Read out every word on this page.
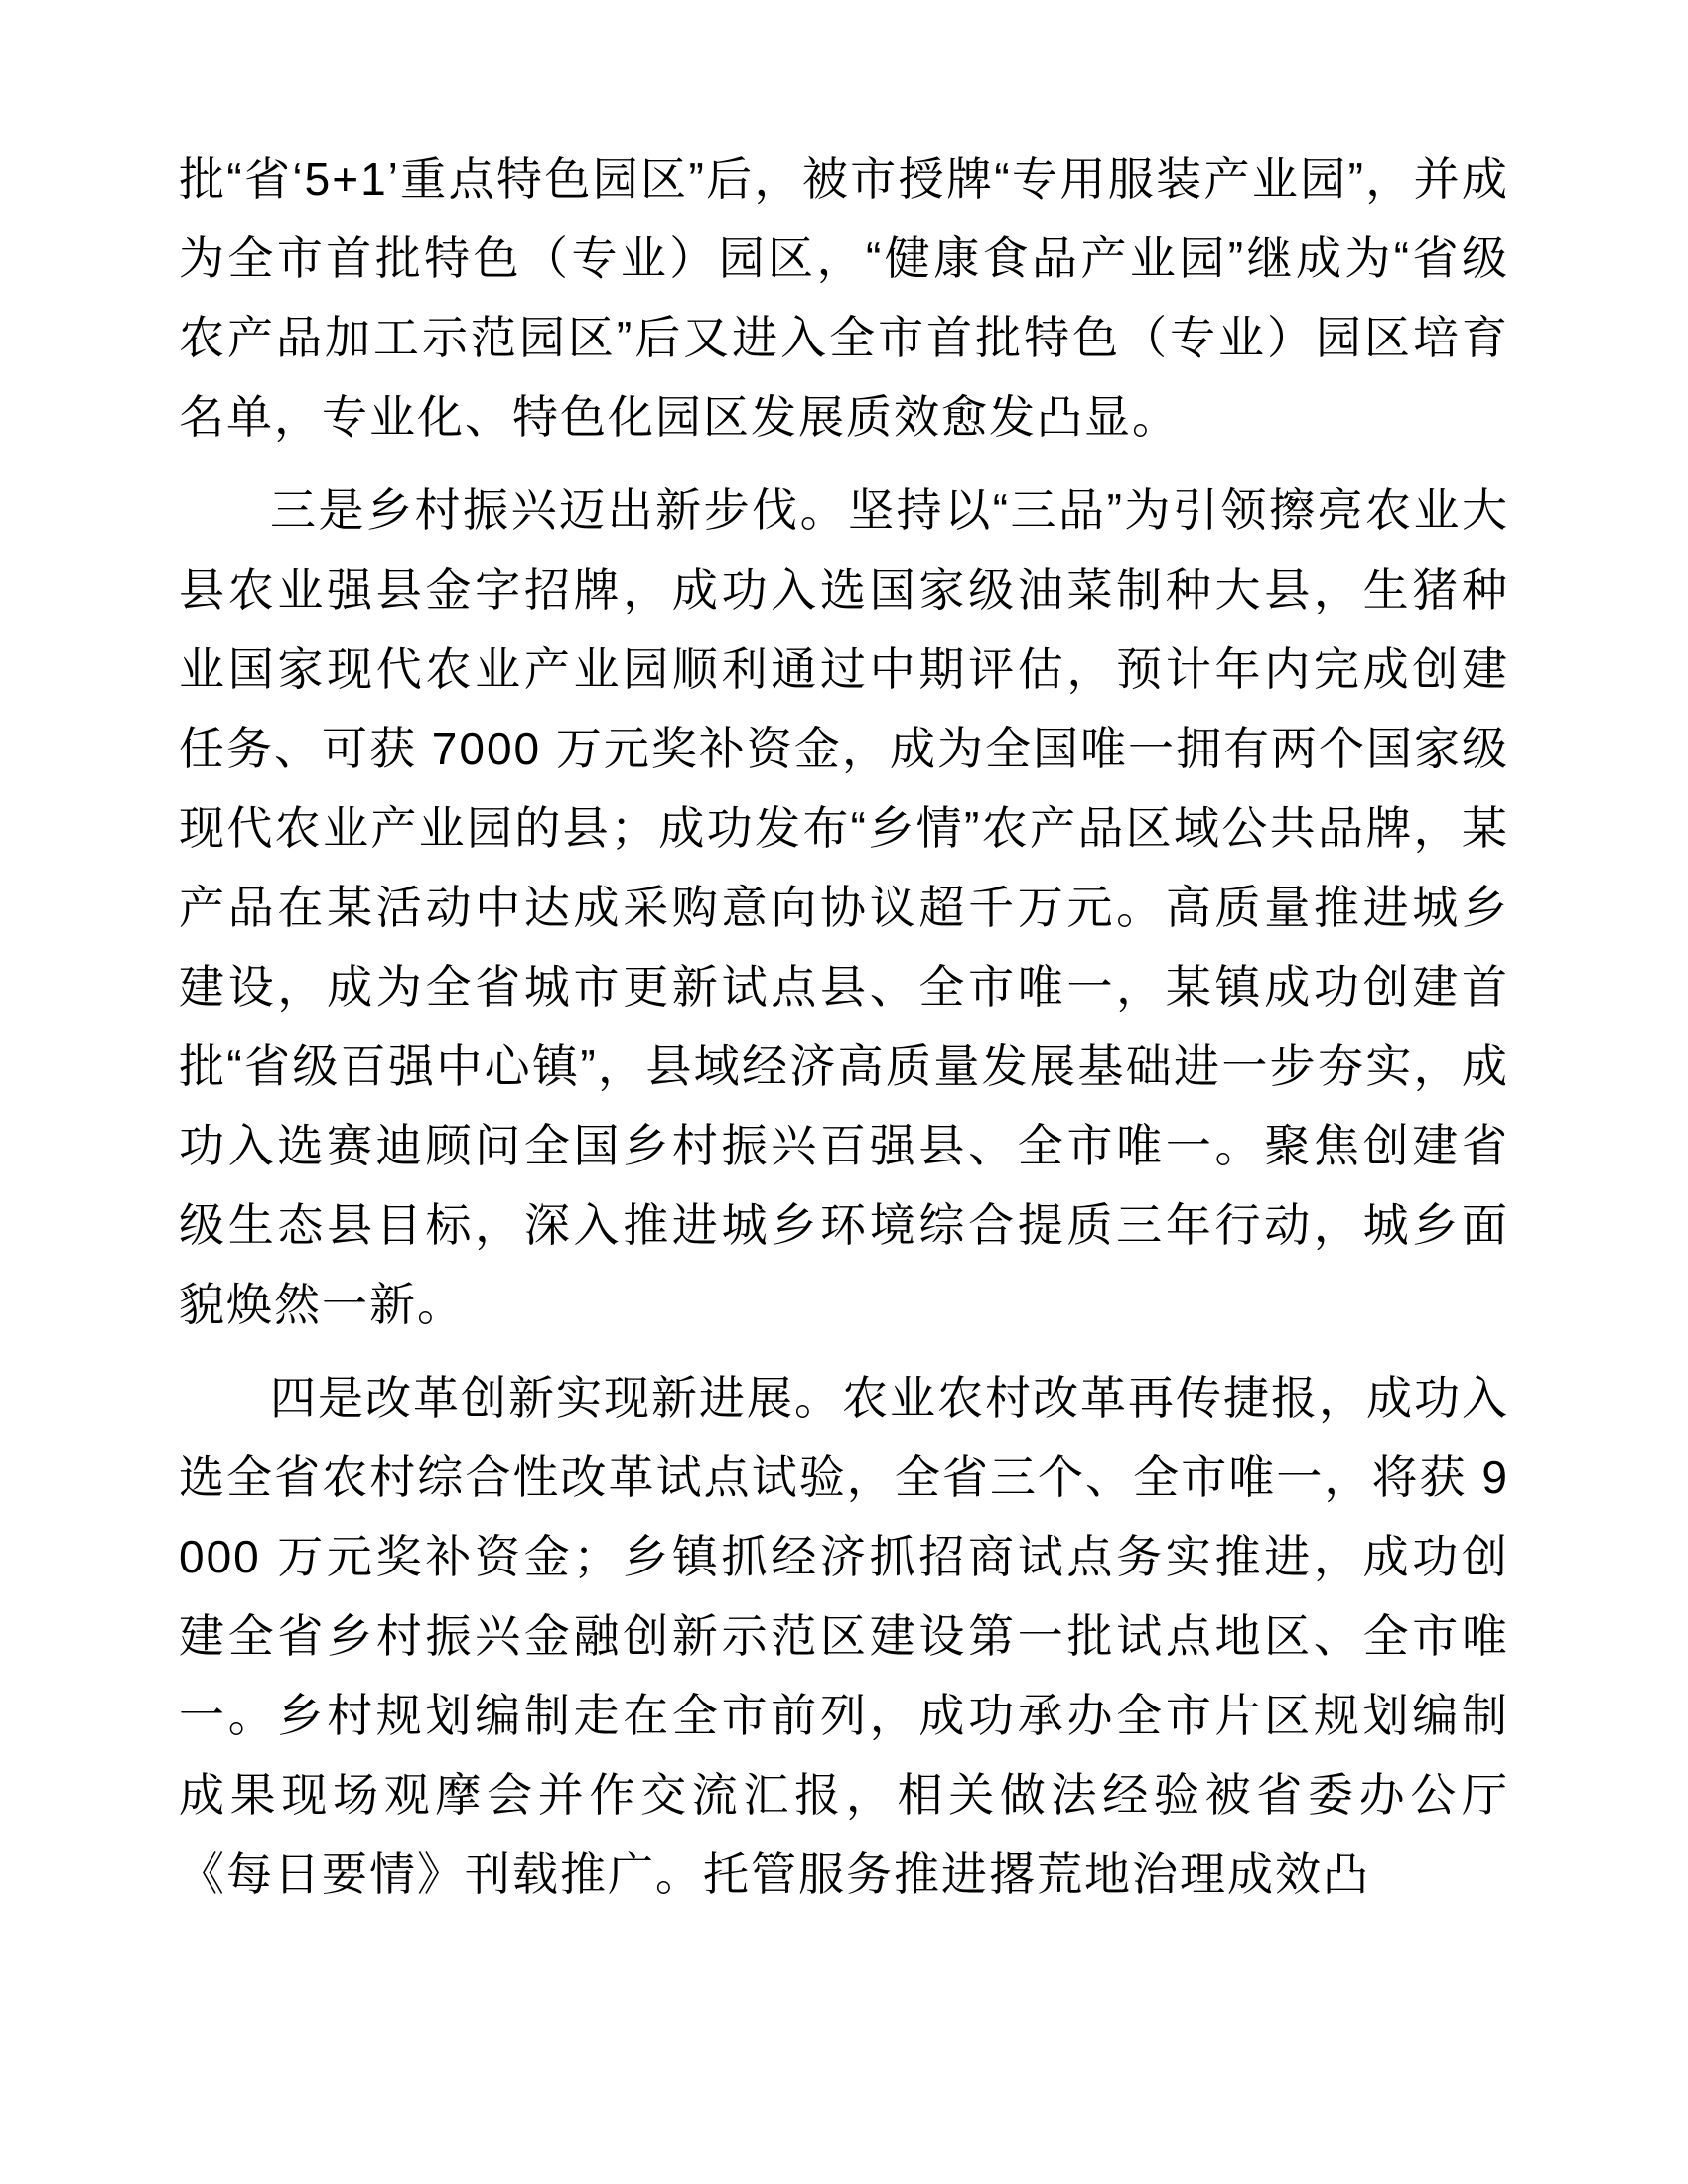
批“省‘5+1’重点特色园区”后，被市授牌“专用服装产业园”，并成为全市首批特色（专业）园区，“健康食品产业园”继成为“省级农产品加工示范园区”后又进入全市首批特色（专业）园区培育名单，专业化、特色化园区发展质效愈发凸显。

三是乡村振兴迈出新步伐。坚持以“三品”为引领擦亮农业大县农业强县金字招牌，成功入选国家级油菜制种大县，生猪种业国家现代农业产业园顺利通过中期评估，预计年内完成创建任务、可获 7000 万元奖补资金，成为全国唯一拥有两个国家级现代农业产业园的县；成功发布“乡情”农产品区域公共品牌，某产品在某活动中达成采购意向协议超千万元。高质量推进城乡建设，成为全省城市更新试点县、全市唯一，某镇成功创建首批“省级百强中心镇”，县域经济高质量发展基础进一步夯实，成功入选赛迪顾问全国乡村振兴百强县、全市唯一。聚焦创建省级生态县目标，深入推进城乡环境综合提质三年行动，城乡面貌焕然一新。

四是改革创新实现新进展。农业农村改革再传捷报，成功入选全省农村综合性改革试点试验，全省三个、全市唯一，将获 9000 万元奖补资金；乡镇抓经济抓招商试点务实推进，成功创建全省乡村振兴金融创新示范区建设第一批试点地区、全市唯一。乡村规划编制走在全市前列，成功承办全市片区规划编制成果现场观摩会并作交流汇报，相关做法经验被省委办公厅《每日要情》刊载推广。托管服务推进撂荒地治理成效凸
